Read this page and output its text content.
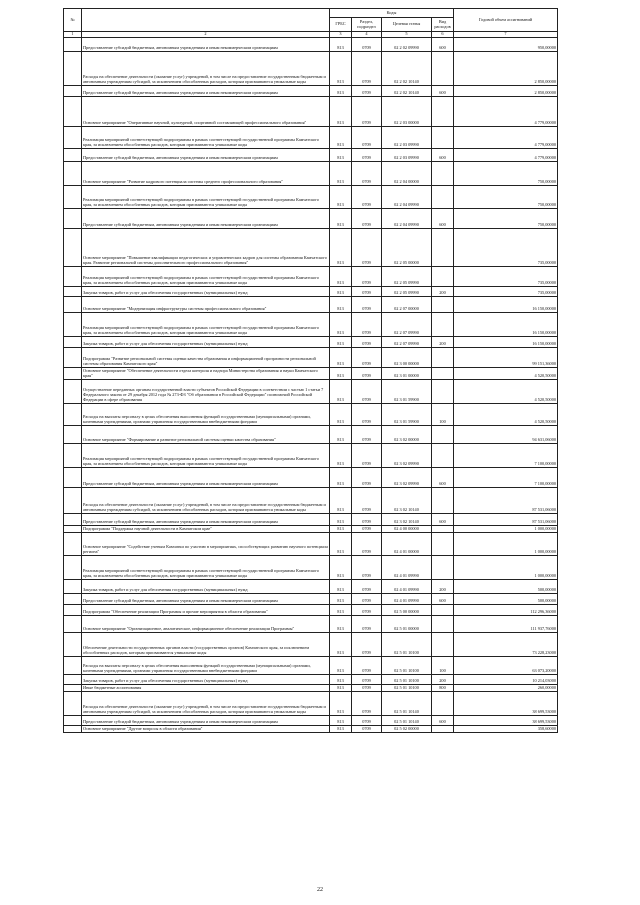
№		Коды				Годовой объем ассигнований
		ГРБС	Раздел, подраздел	Целевая статья	Вид расходов	
1	2	3	4	5	6	7
	Предоставление субсидий бюджетным, автономным учреждениям и иным некоммерческим организациям	813	0709	02 2 02 09990	600	950,00000
	Расходы на обеспечение деятельности (оказание услуг) учреждений, в том числе на предоставление государственным бюджетным и автономным учреждениям субсидий, за исключением обособленных расходов, которым присваиваются уникальные коды	813	0709	02 2 02 10140		2 850,00000
	Предоставление субсидий бюджетным, автономным учреждениям и иным некоммерческим организациям	813	0709	02 2 02 10140	600	2 850,00000
	Основное мероприятие "Оперативные научной, культурной, спортивной составляющей профессионального образования"	813	0709	02 2 03 00000		4 779,00000
	Реализация мероприятий соответствующей подпрограммы в рамках соответствующей государственной программы Камчатского края, за исключением обособленных расходов, которым присваиваются уникальные коды	813	0709	02 2 03 09990		4 779,00000
	Предоставление субсидий бюджетным, автономным учреждениям и иным некоммерческим организациям	813	0709	02 2 03 09990	600	4 779,00000
	Основное мероприятие "Развитие кадрового потенциала системы среднего профессионального образования"	813	0709	02 2 04 00000		750,00000
	Реализация мероприятий соответствующей подпрограммы в рамках соответствующей государственной программы Камчатского края, за исключением обособленных расходов, которым присваиваются уникальные коды	813	0709	02 2 04 09990		750,00000
	Предоставление субсидий бюджетным, автономным учреждениям и иным некоммерческим организациям	813	0709	02 2 04 09990	600	750,00000
	Основное мероприятие "Повышение квалификации педагогических и управленческих кадров для системы образования Камчатского края. Развитие региональной системы дополнительного профессионального образования"	813	0709	02 2 05 00000		735,00000
	Реализация мероприятий соответствующей подпрограммы в рамках соответствующей государственной программы Камчатского края, за исключением обособленных расходов, которым присваиваются уникальные коды	813	0709	02 2 05 09990		735,00000
	Закупка товаров, работ и услуг для обеспечения государственных (муниципальных) нужд	813	0709	02 2 05 09990	200	735,00000
	Основное мероприятие "Модернизация инфраструктуры системы профессионального образования"	813	0709	02 2 07 00000		16 150,00000
	Реализация мероприятий соответствующей подпрограммы в рамках соответствующей государственной программы Камчатского края, за исключением обособленных расходов, которым присваиваются уникальные коды	813	0709	02 2 07 09990		16 150,00000
	Закупка товаров, работ и услуг для обеспечения государственных (муниципальных) нужд	813	0709	02 2 07 09990	200	16 150,00000
	Подпрограмма "Развитие региональной системы оценки качества образования и информационной прозрачности региональной системы образования Камчатского края"	813	0709	02 3 00 00000		99 151,36000
	Основное мероприятие "Обеспечение деятельности отдела контроля и надзора Министерства образования и науки Камчатского края"	813	0709	02 3 01 00000		4 520,50000
	Осуществление переданных органам государственной власти субъектов Российской Федерации в соответствии с частью 1 статьи 7 Федерального закона от 29 декабря 2012 года № 273-ФЗ "Об образовании в Российской Федерации" полномочий Российской Федерации в сфере образования	813	0709	02 3 01 59900		4 520,50000
	Расходы на выплаты персоналу в целях обеспечения выполнения функций государственными (муниципальными) органами, казенными учреждениями, органами управления государственными внебюджетными фондами	813	0709	02 3 01 59900	100	4 520,50000
	Основное мероприятие "Формирование и развитие региональной системы оценки качества образования"	813	0709	02 3 02 00000		94 631,06000
	Реализация мероприятий соответствующей подпрограммы в рамках соответствующей государственной программы Камчатского края, за исключением обособленных расходов, которым присваиваются уникальные коды	813	0709	02 3 02 09990		7 100,00000
	Предоставление субсидий бюджетным, автономным учреждениям и иным некоммерческим организациям	813	0709	02 3 02 09990	600	7 100,00000
	Расходы на обеспечение деятельности (оказание услуг) учреждений, в том числе на предоставление государственным бюджетным и автономным учреждениям субсидий, за исключением обособленных расходов, которым присваиваются уникальные коды	813	0709	02 3 02 10140		87 531,06000
	Предоставление субсидий бюджетным, автономным учреждениям и иным некоммерческим организациям	813	0709	02 3 02 10140	600	87 531,06000
	Подпрограмма "Поддержка научной деятельности в Камчатском крае"	813	0709	02 4 00 00000		1 000,00000
	Основное мероприятие "Содействие ученым Камчатки по участию в мероприятиях, способствующих развитию научного потенциала региона"	813	0709	02 4 01 00000		1 000,00000
	Реализация мероприятий соответствующей подпрограммы в рамках соответствующей государственной программы Камчатского края, за исключением обособленных расходов, которым присваиваются уникальные коды	813	0709	02 4 01 09990		1 000,00000
	Закупка товаров, работ и услуг для обеспечения государственных (муниципальных) нужд	813	0709	02 4 01 09990	200	500,00000
	Предоставление субсидий бюджетным, автономным учреждениям и иным некоммерческим организациям	813	0709	02 4 01 09990	600	500,00000
	Подпрограмма "Обеспечение реализации Программы и прочие мероприятия в области образования"	813	0709	02 5 00 00000		112 296,36000
	Основное мероприятие "Организационное, аналитическое, информационное обеспечение реализации Программы"	813	0709	02 5 01 00000		111 937,76000
	Обеспечение деятельности государственных органов власти (государственных органов) Камчатского края, за исключением обособленных расходов, которым присваиваются уникальные коды	813	0709	02 5 01 10100		73 228,23000
	Расходы на выплаты персоналу в целях обеспечения выполнения функций государственными (муниципальными) органами, казенными учреждениями, органами управления государственными внебюджетными фондами	813	0709	02 5 01 10100	100	63 073,20000
	Закупка товаров, работ и услуг для обеспечения государственных (муниципальных) нужд	813	0709	02 5 01 10100	200	10 214,03000
	Иные бюджетные ассигнования	813	0709	02 5 01 10100	800	260,00000
	Расходы на обеспечение деятельности (оказание услуг) учреждений, в том числе на предоставление государственным бюджетным и автономным учреждениям субсидий, за исключением обособленных расходов, которым присваиваются уникальные коды	813	0709	02 5 01 10140		38 699,53000
	Предоставление субсидий бюджетным, автономным учреждениям и иным некоммерческим организациям	813	0709	02 5 01 10140	600	38 699,53000
	Основное мероприятие "Другие вопросы в области образования"	813	0709	02 5 02 00000		358,60000
22
